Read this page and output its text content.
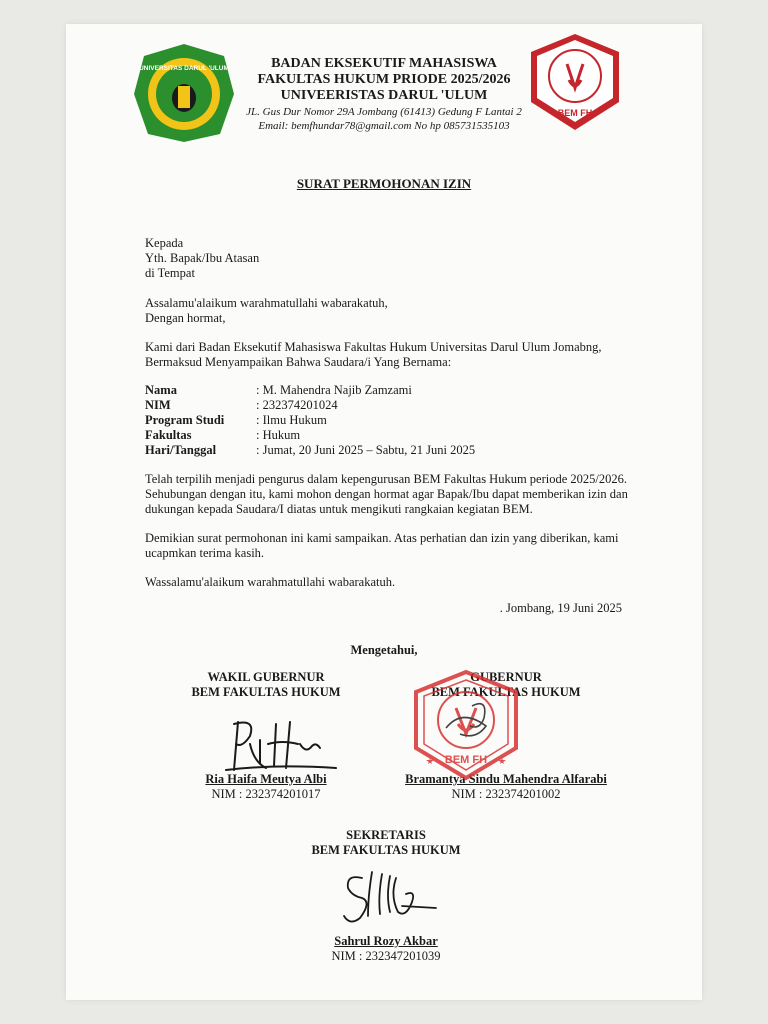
UNIVERSITAS DARUL 'ULUM
BEM FH
BADAN EKSEKUTIF MAHASISWA
FAKULTAS HUKUM PRIODE 2025/2026
UNIVEERISTAS DARUL 'ULUM
JL. Gus Dur Nomor 29A Jombang (61413) Gedung F Lantai 2
Email: bemfhundar78@gmail.com No hp 085731535103
SURAT PERMOHONAN IZIN
Kepada
Yth. Bapak/Ibu Atasan
di Tempat
Assalamu'alaikum warahmatullahi wabarakatuh,
Dengan hormat,
Kami dari Badan Eksekutif Mahasiswa Fakultas Hukum Universitas Darul Ulum Jomabng,
Bermaksud Menyampaikan Bahwa Saudara/i Yang Bernama:
Nama	: M. Mahendra Najib Zamzami
NIM	: 232374201024
Program Studi	: Ilmu Hukum
Fakultas	: Hukum
Hari/Tanggal	: Jumat, 20 Juni 2025 – Sabtu, 21 Juni 2025
Telah terpilih menjadi pengurus dalam kepengurusan BEM Fakultas Hukum periode 2025/2026.
Sehubungan dengan itu, kami mohon dengan hormat agar Bapak/Ibu dapat memberikan izin dan
dukungan kepada Saudara/I diatas untuk mengikuti rangkaian kegiatan BEM.
Demikian surat permohonan ini kami sampaikan. Atas perhatian dan izin yang diberikan, kami
ucapmkan terima kasih.
Wassalamu'alaikum warahmatullahi wabarakatuh.
. Jombang, 19 Juni 2025
Mengetahui,
WAKIL GUBERNUR
BEM FAKULTAS HUKUM
Ria Haifa Meutya Albi
NIM : 232374201017
GUBERNUR
BEM FAKULTAS HUKUM
Bramantya Sindu Mahendra Alfarabi
NIM : 232374201002
BEM FH
SEKRETARIS
BEM FAKULTAS HUKUM
Sahrul Rozy Akbar
NIM : 232347201039
